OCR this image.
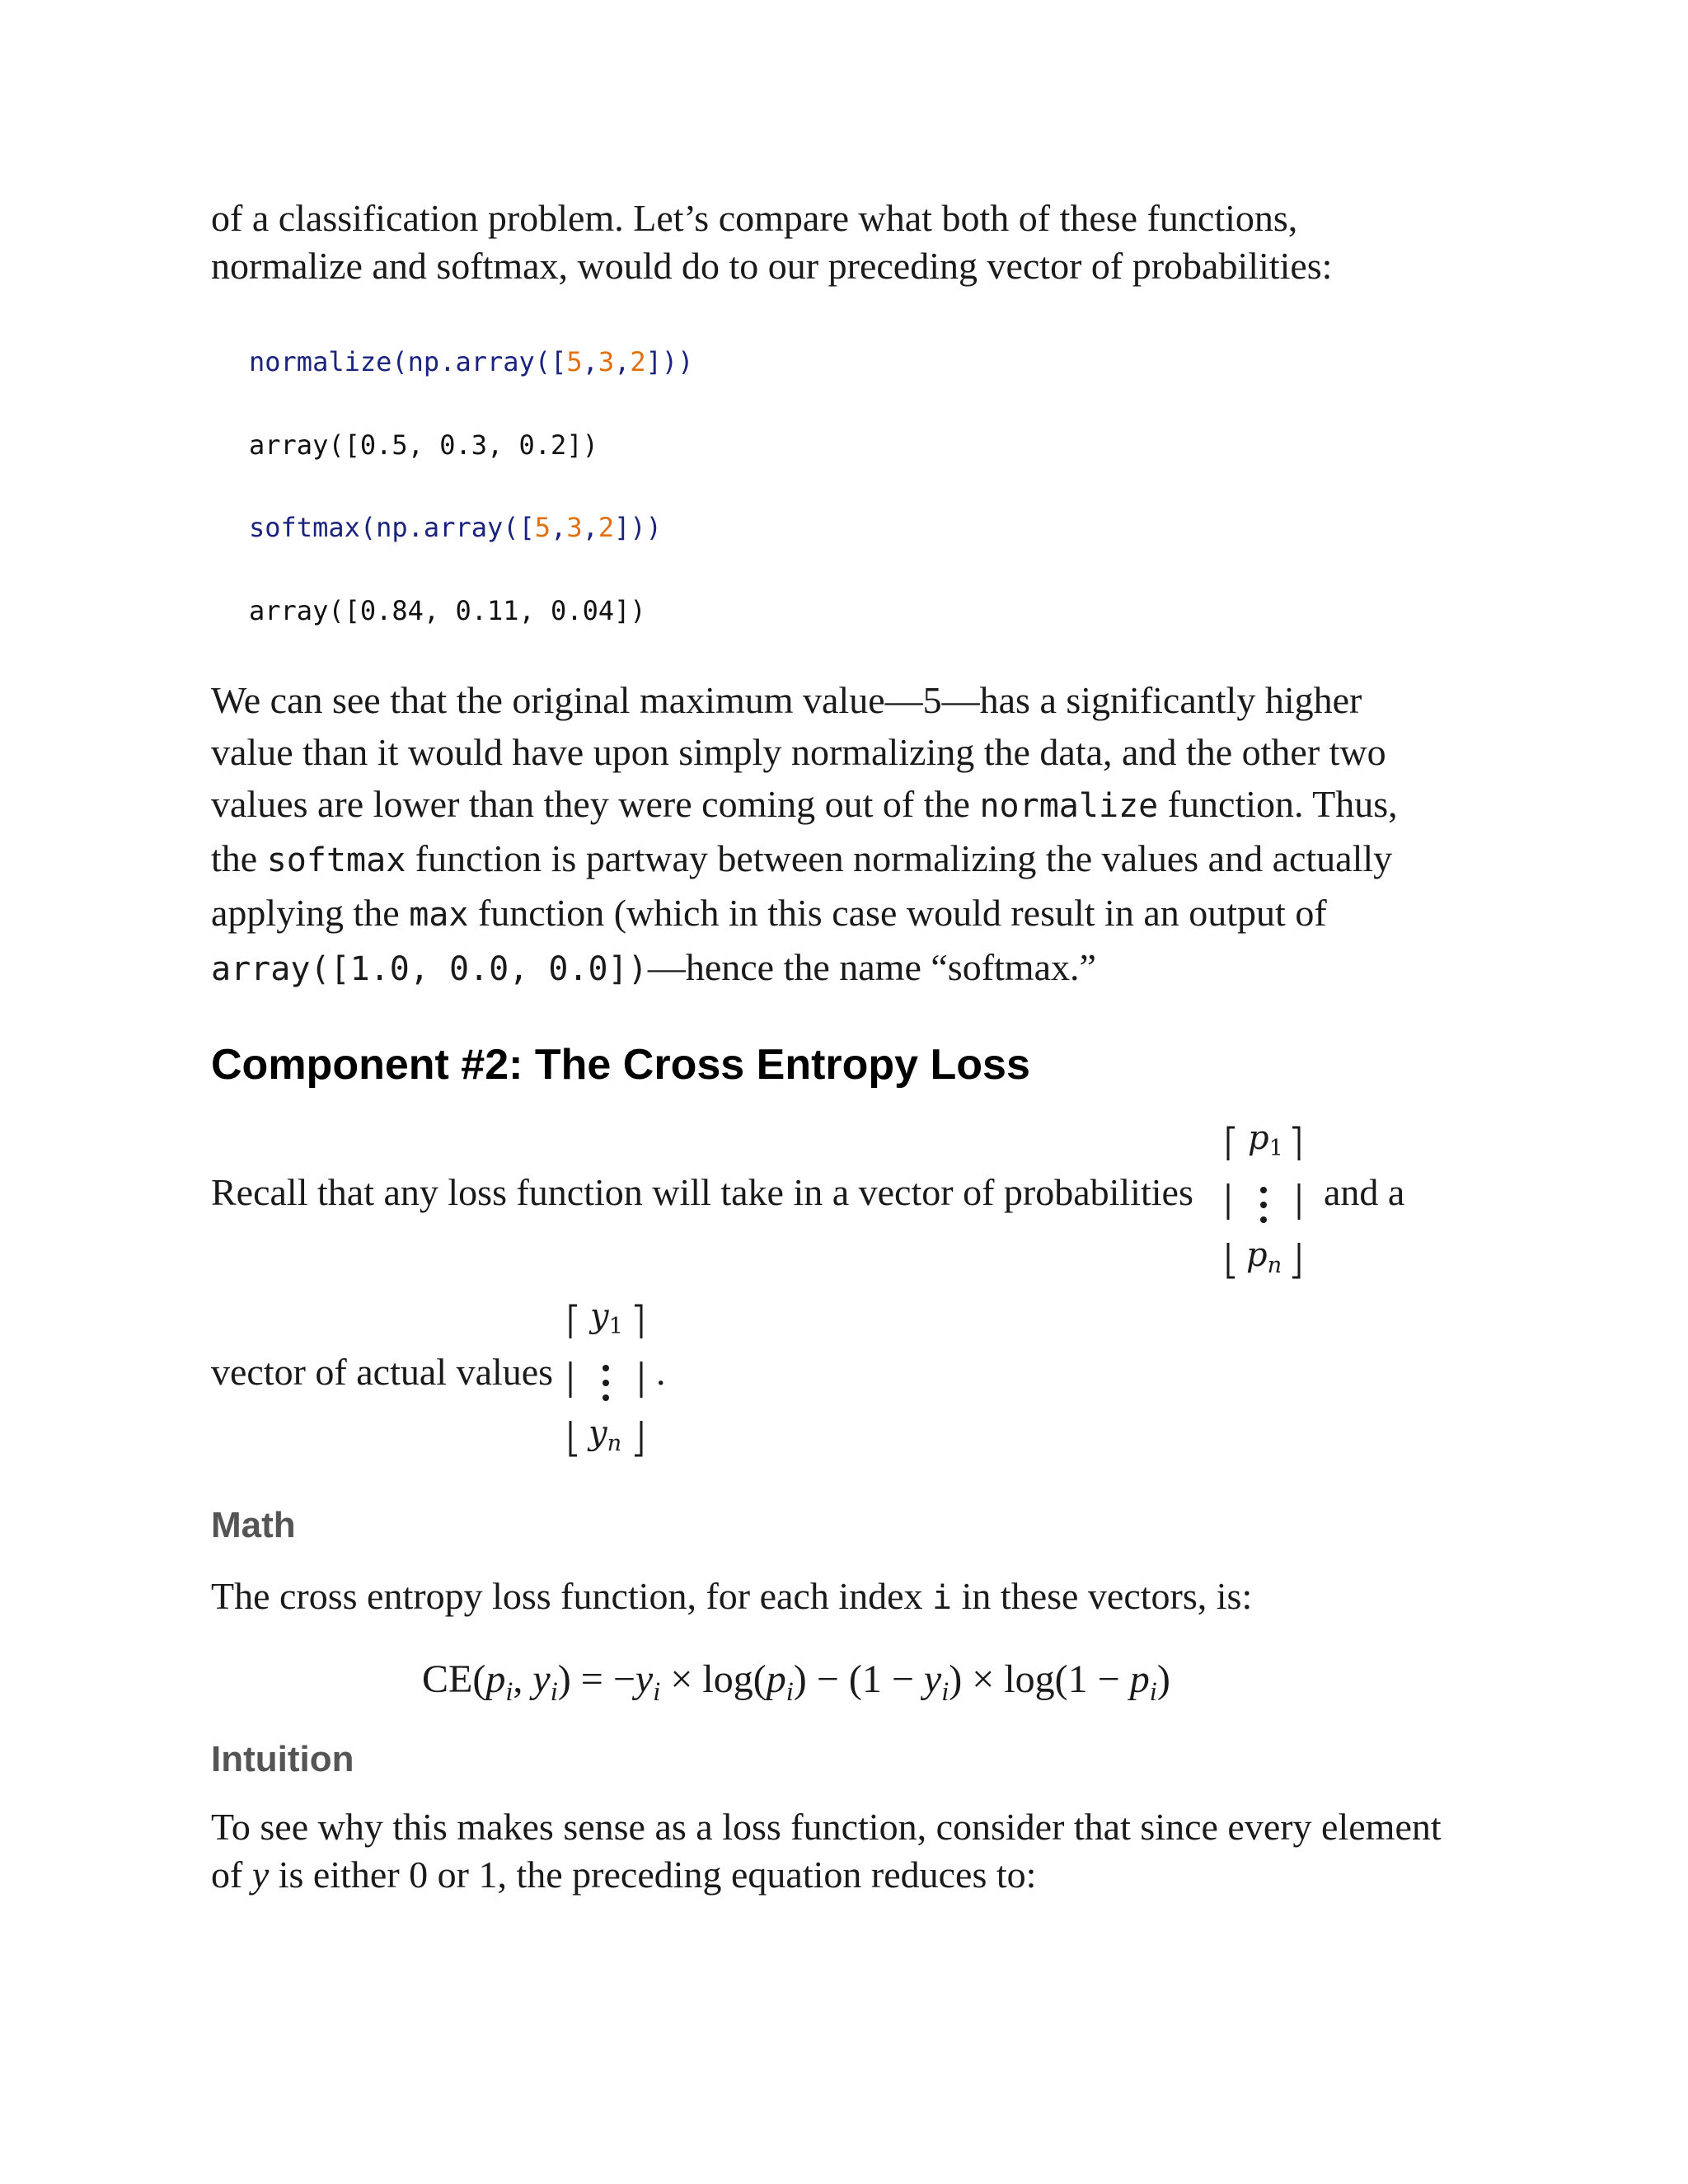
of a classification problem. Let’s compare what both of these functions,
normalize and softmax, would do to our preceding vector of probabilities:

normalize(np.array([5,3,2]))
array([0.5, 0.3, 0.2])
softmax(np.array([5,3,2]))
array([0.84, 0.11, 0.04])

We can see that the original maximum value—5—has a significantly higher
value than it would have upon simply normalizing the data, and the other two
values are lower than they were coming out of the normalize function. Thus,
the softmax function is partway between normalizing the values and actually
applying the max function (which in this case would result in an output of
array([1.0, 0.0, 0.0])—hence the name “softmax.”

Component #2: The Cross Entropy Loss
Recall that any loss function will take in a vector of probabilities
$p_1$
$p_n$
and a
vector of actual values
$y_1$
$y_n$
.
Math
The cross entropy loss function, for each index i in these vectors, is:
$CE(p_i$, $y_i) = -y_i \times \log(p_i) - (1 - y_i) \times \log(1 - p_i)$
Intuition

To see why this makes sense as a loss function, consider that since every element
of y is either 0 or 1, the preceding equation reduces to:
